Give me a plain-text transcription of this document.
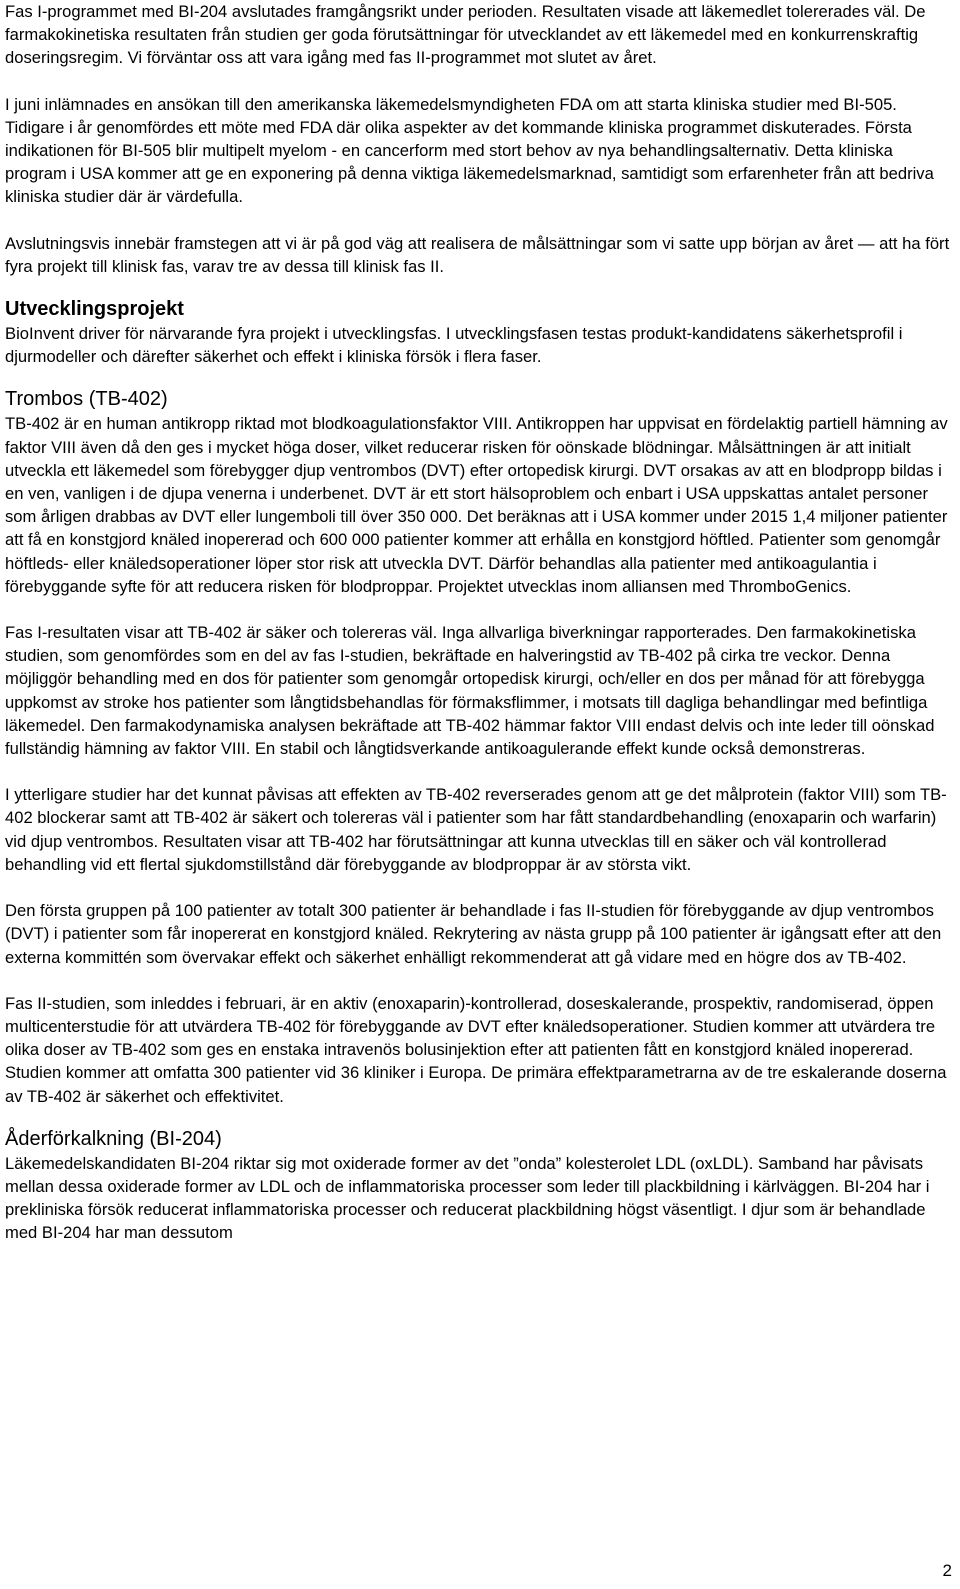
Fas I-programmet med BI-204 avslutades framgångsrikt under perioden. Resultaten visade att läkemedlet tolererades väl. De farmakokinetiska resultaten från studien ger goda förutsättningar för utvecklandet av ett läkemedel med en konkurrenskraftig doseringsregim. Vi förväntar oss att vara igång med fas II-programmet mot slutet av året.

I juni inlämnades en ansökan till den amerikanska läkemedelsmyndigheten FDA om att starta kliniska studier med BI-505. Tidigare i år genomfördes ett möte med FDA där olika aspekter av det kommande kliniska programmet diskuterades. Första indikationen för BI-505 blir multipelt myelom - en cancerform med stort behov av nya behandlingsalternativ. Detta kliniska program i USA kommer att ge en exponering på denna viktiga läkemedelsmarknad, samtidigt som erfarenheter från att bedriva kliniska studier där är värdefulla.

Avslutningsvis innebär framstegen att vi är på god väg att realisera de målsättningar som vi satte upp början av året — att ha fört fyra projekt till klinisk fas, varav tre av dessa till klinisk fas II.

Utvecklingsprojekt

BioInvent driver för närvarande fyra projekt i utvecklingsfas. I utvecklingsfasen testas produkt-kandidatens säkerhetsprofil i djurmodeller och därefter säkerhet och effekt i kliniska försök i flera faser.

Trombos (TB-402)

TB-402 är en human antikropp riktad mot blodkoagulationsfaktor VIII. Antikroppen har uppvisat en fördelaktig partiell hämning av faktor VIII även då den ges i mycket höga doser, vilket reducerar risken för oönskade blödningar. Målsättningen är att initialt utveckla ett läkemedel som förebygger djup ventrombos (DVT) efter ortopedisk kirurgi. DVT orsakas av att en blodpropp bildas i en ven, vanligen i de djupa venerna i underbenet. DVT är ett stort hälsoproblem och enbart i USA uppskattas antalet personer som årligen drabbas av DVT eller lungemboli till över 350 000. Det beräknas att i USA kommer under 2015 1,4 miljoner patienter att få en konstgjord knäled inopererad och 600 000 patienter kommer att erhålla en konstgjord höftled. Patienter som genomgår höftleds- eller knäledsoperationer löper stor risk att utveckla DVT. Därför behandlas alla patienter med antikoagulantia i förebyggande syfte för att reducera risken för blodproppar. Projektet utvecklas inom alliansen med ThromboGenics.

Fas I-resultaten visar att TB-402 är säker och tolereras väl. Inga allvarliga biverkningar rapporterades. Den farmakokinetiska studien, som genomfördes som en del av fas I-studien, bekräftade en halveringstid av TB-402 på cirka tre veckor. Denna möjliggör behandling med en dos för patienter som genomgår ortopedisk kirurgi, och/eller en dos per månad för att förebygga uppkomst av stroke hos patienter som långtidsbehandlas för förmaksflimmer, i motsats till dagliga behandlingar med befintliga läkemedel. Den farmakodynamiska analysen bekräftade att TB-402 hämmar faktor VIII endast delvis och inte leder till oönskad fullständig hämning av faktor VIII. En stabil och långtidsverkande antikoagulerande effekt kunde också demonstreras.

I ytterligare studier har det kunnat påvisas att effekten av TB-402 reverserades genom att ge det målprotein (faktor VIII) som TB-402 blockerar samt att TB-402 är säkert och tolereras väl i patienter som har fått standardbehandling (enoxaparin och warfarin) vid djup ventrombos. Resultaten visar att TB-402 har förutsättningar att kunna utvecklas till en säker och väl kontrollerad behandling vid ett flertal sjukdomstillstånd där förebyggande av blodproppar är av största vikt.

Den första gruppen på 100 patienter av totalt 300 patienter är behandlade i fas II-studien för förebyggande av djup ventrombos (DVT) i patienter som får inopererat en konstgjord knäled. Rekrytering av nästa grupp på 100 patienter är igångsatt efter att den externa kommittén som övervakar effekt och säkerhet enhälligt rekommenderat att gå vidare med en högre dos av TB-402.

Fas II-studien, som inleddes i februari, är en aktiv (enoxaparin)-kontrollerad, doseskalerande, prospektiv, randomiserad, öppen multicenterstudie för att utvärdera TB-402 för förebyggande av DVT efter knäledsoperationer. Studien kommer att utvärdera tre olika doser av TB-402 som ges en enstaka intravenös bolusinjektion efter att patienten fått en konstgjord knäled inopererad. Studien kommer att omfatta 300 patienter vid 36 kliniker i Europa. De primära effektparametrarna av de tre eskalerande doserna av TB-402 är säkerhet och effektivitet.

Åderförkalkning (BI-204)

Läkemedelskandidaten BI-204 riktar sig mot oxiderade former av det ”onda” kolesterolet LDL (oxLDL). Samband har påvisats mellan dessa oxiderade former av LDL och de inflammatoriska processer som leder till plackbildning i kärlväggen. BI-204 har i prekliniska försök reducerat inflammatoriska processer och reducerat plackbildning högst väsentligt. I djur som är behandlade med BI-204 har man dessutom

2
